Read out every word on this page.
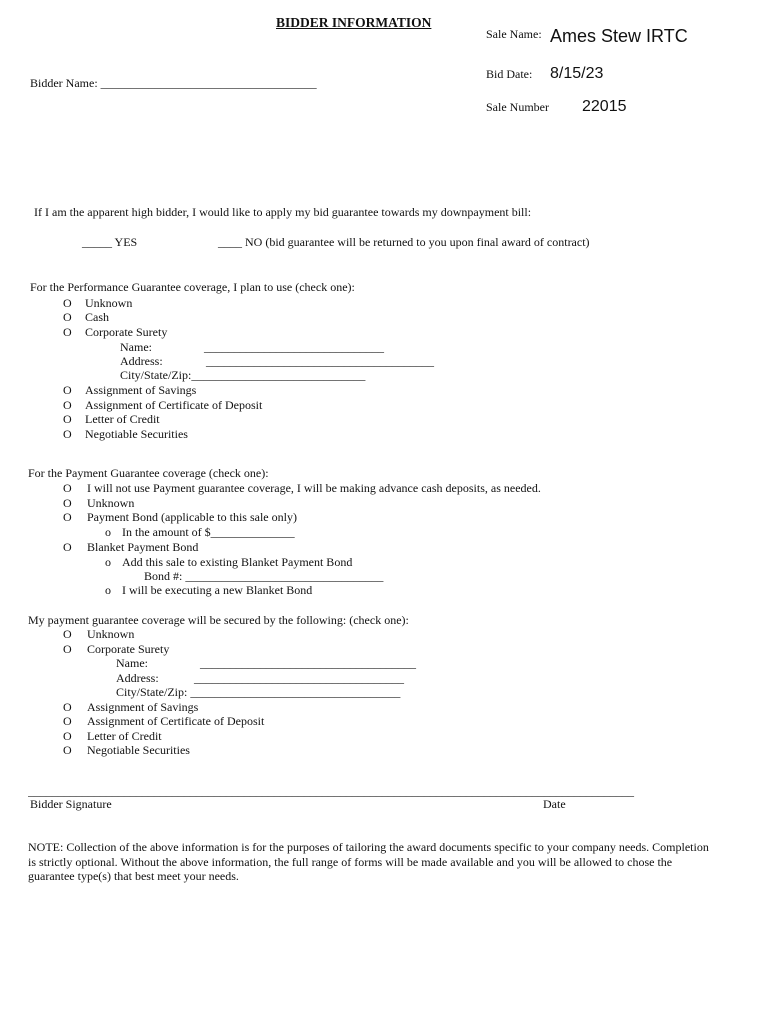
BIDDER INFORMATION
Sale Name: Ames Stew IRTC
Bid Date: 8/15/23
Bidder Name: ____________________________________
Sale Number 22015
If I am the apparent high bidder, I would like to apply my bid guarantee towards my downpayment bill:
_____ YES	____ NO (bid guarantee will be returned to you upon final award of contract)
For the Performance Guarantee coverage, I plan to use (check one):
O Unknown
O Cash
O Corporate Surety
Name:	______________________________
Address:	______________________________________
City/State/Zip:_____________________________
O Assignment of Savings
O Assignment of Certificate of Deposit
O Letter of Credit
O Negotiable Securities
For the Payment Guarantee coverage (check one):
O I will not use Payment guarantee coverage, I will be making advance cash deposits, as needed.
O Unknown
O Payment Bond (applicable to this sale only)
o In the amount of $______________
O Blanket Payment Bond
o Add this sale to existing Blanket Payment Bond
Bond #: _________________________________
o I will be executing a new Blanket Bond
My payment guarantee coverage will be secured by the following: (check one):
O Unknown
O Corporate Surety
Name:	____________________________________
Address:	___________________________________
City/State/Zip: ___________________________________
O Assignment of Savings
O Assignment of Certificate of Deposit
O Letter of Credit
O Negotiable Securities
_____________________________________________________________________________________________________
Bidder Signature	Date
NOTE: Collection of the above information is for the purposes of tailoring the award documents specific to your company needs. Completion is strictly optional. Without the above information, the full range of forms will be made available and you will be allowed to chose the guarantee type(s) that best meet your needs.
